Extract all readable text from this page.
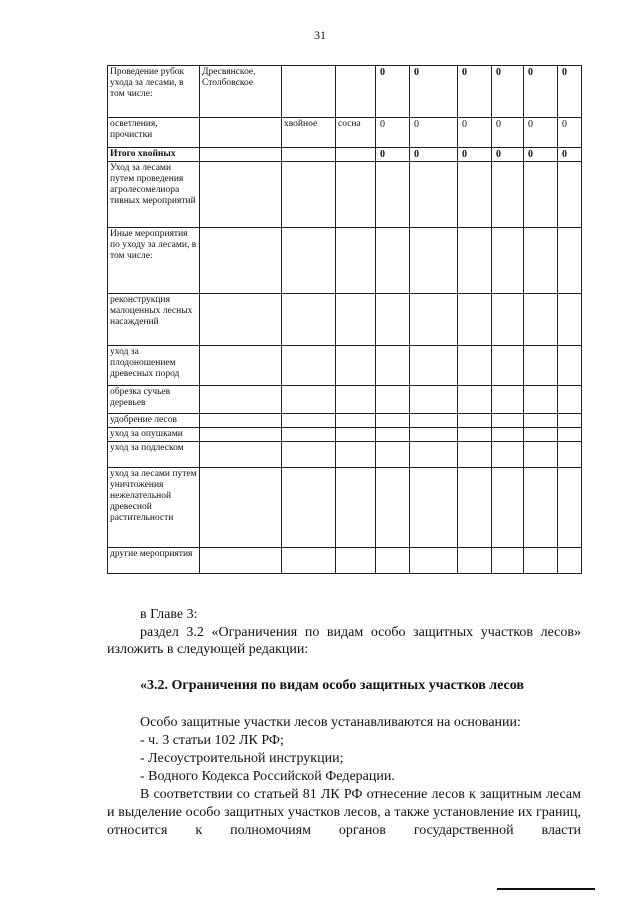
31
Проведение рубок ухода за лесами, в том числе:	Дресвянское, Столбовское			0	0	0	0	0	0
осветления, прочистки		хвойное	сосна	0	0	0	0	0	0
Итого хвойных				0	0	0	0	0	0
Уход за лесами путем проведения агролесомелиора тивных мероприятий									
Иные мероприятия по уходу за лесами, в том числе:									
реконструкция малоценных лесных насаждений									
уход за плодоношением древесных пород									
обрезка сучьев деревьев									
удобрение лесов									
уход за опушками									
уход за подлеском									
уход за лесами путем уничтожения нежелательной древесной растительности									
другие мероприятия									
в Главе 3:
раздел 3.2 «Ограничения по видам особо защитных участков лесов»
изложить в следующей редакции:
«3.2. Ограничения по видам особо защитных участков лесов
Особо защитные участки лесов устанавливаются на основании:
- ч. 3 статьи 102 ЛК РФ;
- Лесоустроительной инструкции;
- Водного Кодекса Российской Федерации.
В соответствии со статьей 81 ЛК РФ отнесение лесов к защитным лесам
и выделение особо защитных участков лесов, а также установление их границ,
относится к полномочиям органов государственной власти
